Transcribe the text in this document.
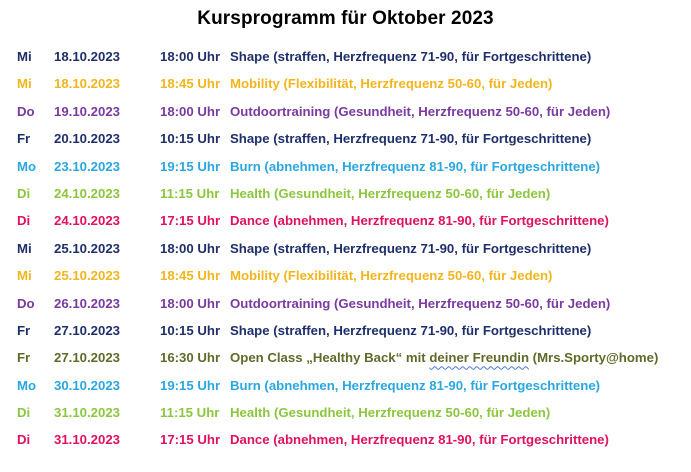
Kursprogramm für Oktober 2023
Mi 18.10.2023	18:00 Uhr Shape (straffen, Herzfrequenz 71-90, für Fortgeschrittene)
Mi 18.10.2023	18:45 Uhr Mobility (Flexibilität, Herzfrequenz 50-60, für Jeden)
Do 19.10.2023	18:00 Uhr Outdoortraining (Gesundheit, Herzfrequenz 50-60, für Jeden)
Fr 20.10.2023	10:15 Uhr Shape (straffen, Herzfrequenz 71-90, für Fortgeschrittene)
Mo 23.10.2023	19:15 Uhr Burn (abnehmen, Herzfrequenz 81-90, für Fortgeschrittene)
Di 24.10.2023	11:15 Uhr Health (Gesundheit, Herzfrequenz 50-60, für Jeden)
Di 24.10.2023	17:15 Uhr Dance (abnehmen, Herzfrequenz 81-90, für Fortgeschrittene)
Mi 25.10.2023	18:00 Uhr Shape (straffen, Herzfrequenz 71-90, für Fortgeschrittene)
Mi 25.10.2023	18:45 Uhr Mobility (Flexibilität, Herzfrequenz 50-60, für Jeden)
Do 26.10.2023	18:00 Uhr Outdoortraining (Gesundheit, Herzfrequenz 50-60, für Jeden)
Fr 27.10.2023	10:15 Uhr Shape (straffen, Herzfrequenz 71-90, für Fortgeschrittene)
Fr 27.10.2023	16:30 Uhr Open Class „Healthy Back“ mit deiner Freundin (Mrs.Sporty@home)
Mo 30.10.2023	19:15 Uhr Burn (abnehmen, Herzfrequenz 81-90, für Fortgeschrittene)
Di 31.10.2023	11:15 Uhr Health (Gesundheit, Herzfrequenz 50-60, für Jeden)
Di 31.10.2023	17:15 Uhr Dance (abnehmen, Herzfrequenz 81-90, für Fortgeschrittene)
